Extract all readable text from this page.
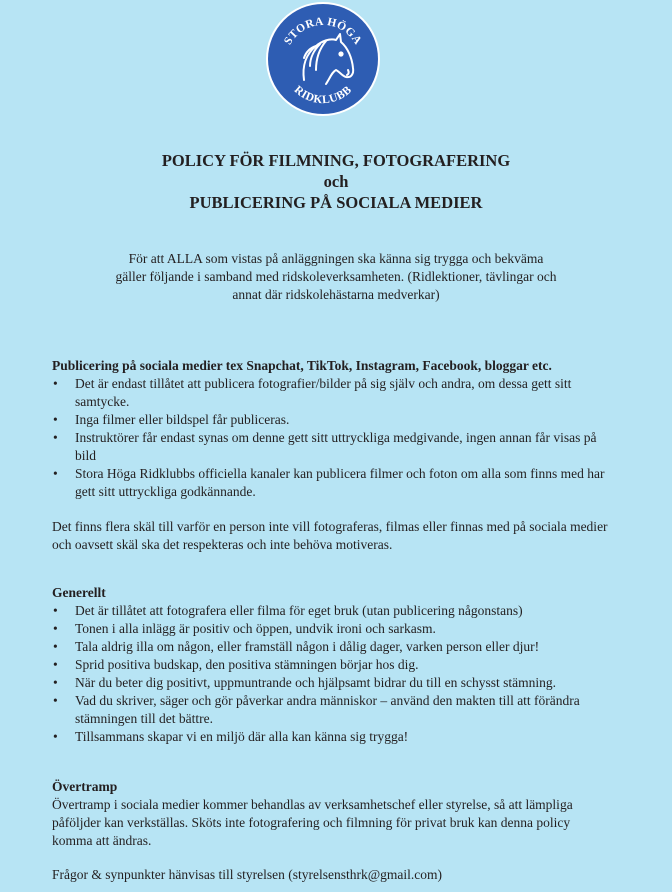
STORA HÖGA
RIDKLUBB
POLICY FÖR FILMNING, FOTOGRAFERING
och
PUBLICERING PÅ SOCIALA MEDIER
För att ALLA som vistas på anläggningen ska känna sig trygga och bekväma
gäller följande i samband med ridskoleverksamheten. (Ridlektioner, tävlingar och
annat där ridskolehästarna medverkar)
Publicering på sociala medier tex Snapchat, TikTok, Instagram, Facebook, bloggar etc.
• Det är endast tillåtet att publicera fotografier/bilder på sig själv och andra, om dessa gett sitt samtycke.
• Inga filmer eller bildspel får publiceras.
• Instruktörer får endast synas om denne gett sitt uttryckliga medgivande, ingen annan får visas på bild
• Stora Höga Ridklubbs officiella kanaler kan publicera filmer och foton om alla som finns med har gett sitt uttryckliga godkännande.

Det finns flera skäl till varför en person inte vill fotograferas, filmas eller finnas med på sociala medier och oavsett skäl ska det respekteras och inte behöva motiveras.

Generellt
• Det är tillåtet att fotografera eller filma för eget bruk (utan publicering någonstans)
• Tonen i alla inlägg är positiv och öppen, undvik ironi och sarkasm.
• Tala aldrig illa om någon, eller framställ någon i dålig dager, varken person eller djur!
• Sprid positiva budskap, den positiva stämningen börjar hos dig.
• När du beter dig positivt, uppmuntrande och hjälpsamt bidrar du till en schysst stämning.
• Vad du skriver, säger och gör påverkar andra människor – använd den makten till att förändra stämningen till det bättre.
• Tillsammans skapar vi en miljö där alla kan känna sig trygga!
Övertramp

Övertramp i sociala medier kommer behandlas av verksamhetschef eller styrelse, så att lämpliga påföljder kan verkställas. Sköts inte fotografering och filmning för privat bruk kan denna policy komma att ändras.

Frågor & synpunkter hänvisas till styrelsen (styrelsensthrk@gmail.com)
